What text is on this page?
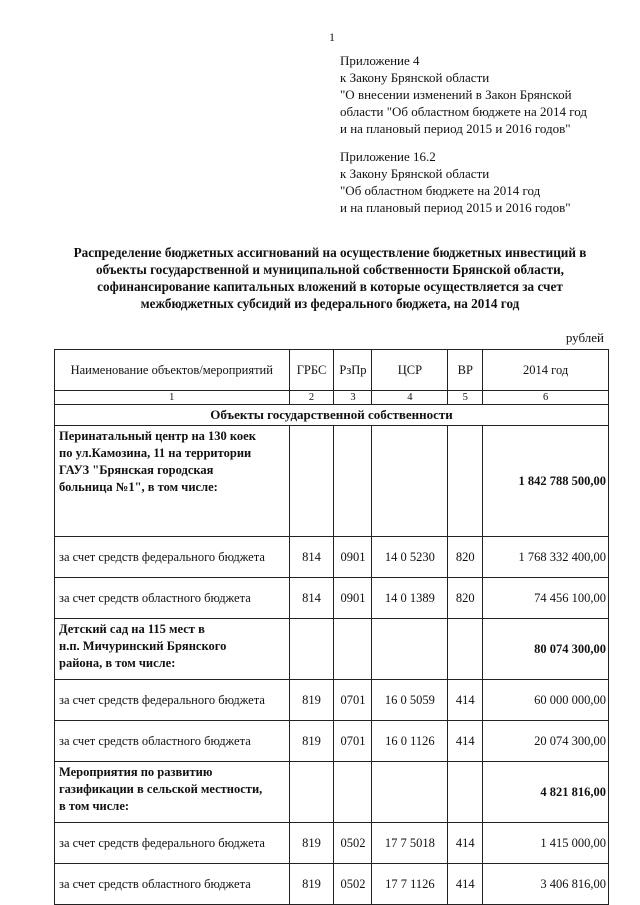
1
Приложение 4
к Закону Брянской области
"О внесении изменений в Закон Брянской
области "Об областном бюджете на 2014 год
и на плановый период 2015 и 2016 годов"
Приложение 16.2
к Закону Брянской области
"Об областном бюджете на 2014 год
и на плановый период 2015 и 2016 годов"
Распределение бюджетных ассигнований на осуществление бюджетных инвестиций в
объекты государственной и муниципальной собственности Брянской области,
софинансирование капитальных вложений в которые осуществляется за счет
межбюджетных субсидий из федерального бюджета, на 2014 год
рублей
Наименование объектов/мероприятий	ГРБС	РзПр	ЦСР	ВР	2014 год
1	2	3	4	5	6
Объекты государственной собственности					

Перинатальный центр на 130 коек
по ул.Камозина, 11 на территории
ГАУЗ "Брянская городская
больница №1", в том числе:					1 842 788 500,00
за счет средств федерального бюджета	814	0901	14 0 5230	820	1 768 332 400,00
за счет средств областного бюджета	814	0901	14 0 1389	820	74 456 100,00

Детский сад на 115 мест в
н.п. Мичуринский Брянского
района, в том числе:					80 074 300,00
за счет средств федерального бюджета	819	0701	16 0 5059	414	60 000 000,00
за счет средств областного бюджета	819	0701	16 0 1126	414	20 074 300,00

Мероприятия по развитию
газификации в сельской местности,
в том числе:					4 821 816,00
за счет средств федерального бюджета	819	0502	17 7 5018	414	1 415 000,00
за счет средств областного бюджета	819	0502	17 7 1126	414	3 406 816,00
